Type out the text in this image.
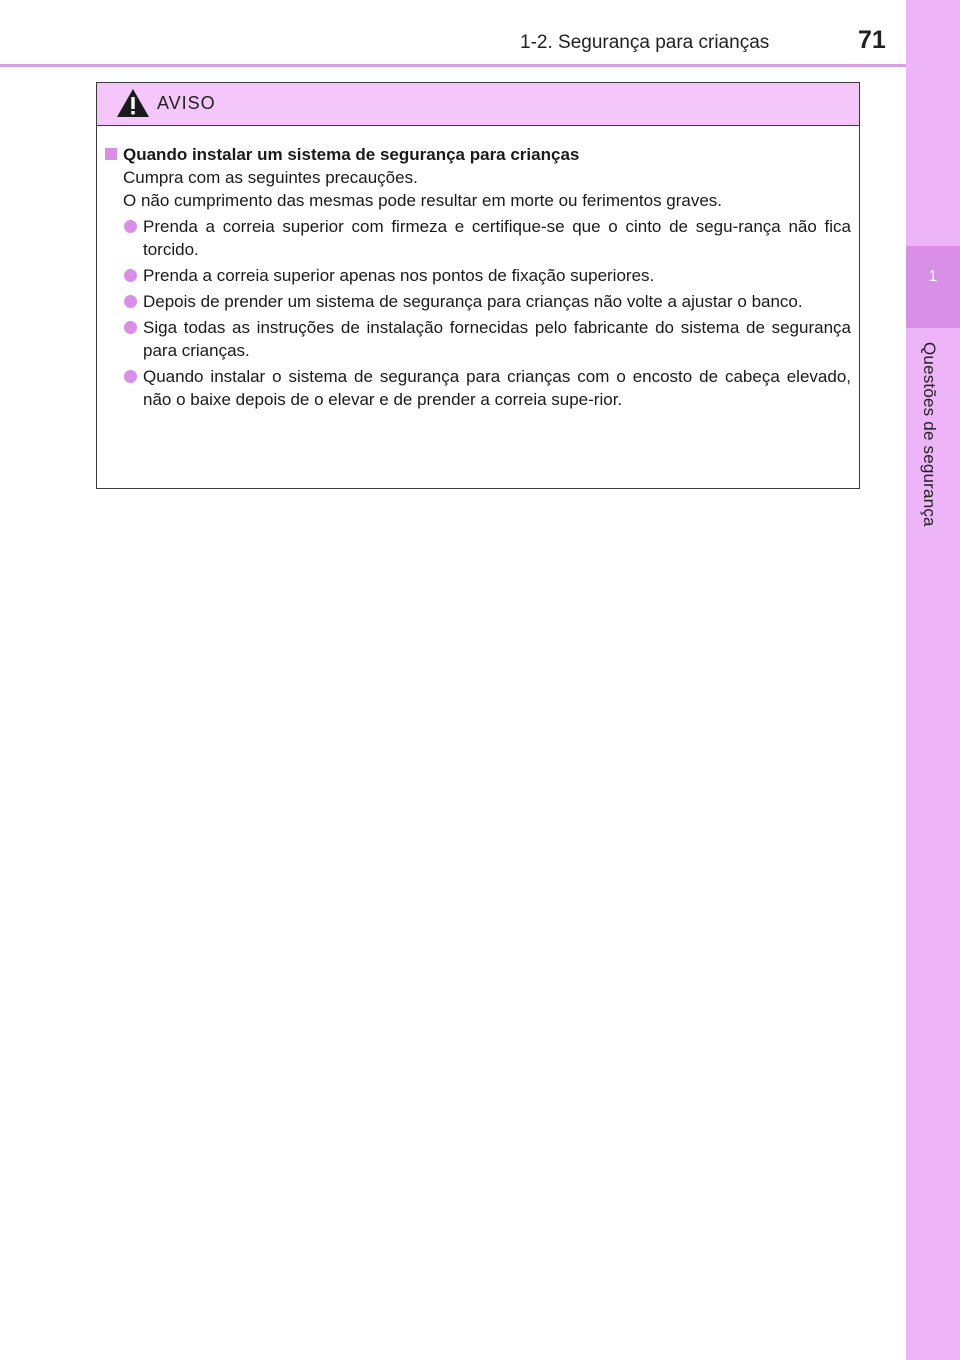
1-2. Segurança para crianças	71
1
Questões de segurança
AVISO
Quando instalar um sistema de segurança para crianças
Cumpra com as seguintes precauções.
O não cumprimento das mesmas pode resultar em morte ou ferimentos graves.
Prenda a correia superior com firmeza e certifique-se que o cinto de segu-rança não fica torcido.
Prenda a correia superior apenas nos pontos de fixação superiores.
Depois de prender um sistema de segurança para crianças não volte a ajustar o banco.
Siga todas as instruções de instalação fornecidas pelo fabricante do sistema de segurança para crianças.
Quando instalar o sistema de segurança para crianças com o encosto de cabeça elevado, não o baixe depois de o elevar e de prender a correia supe-rior.
